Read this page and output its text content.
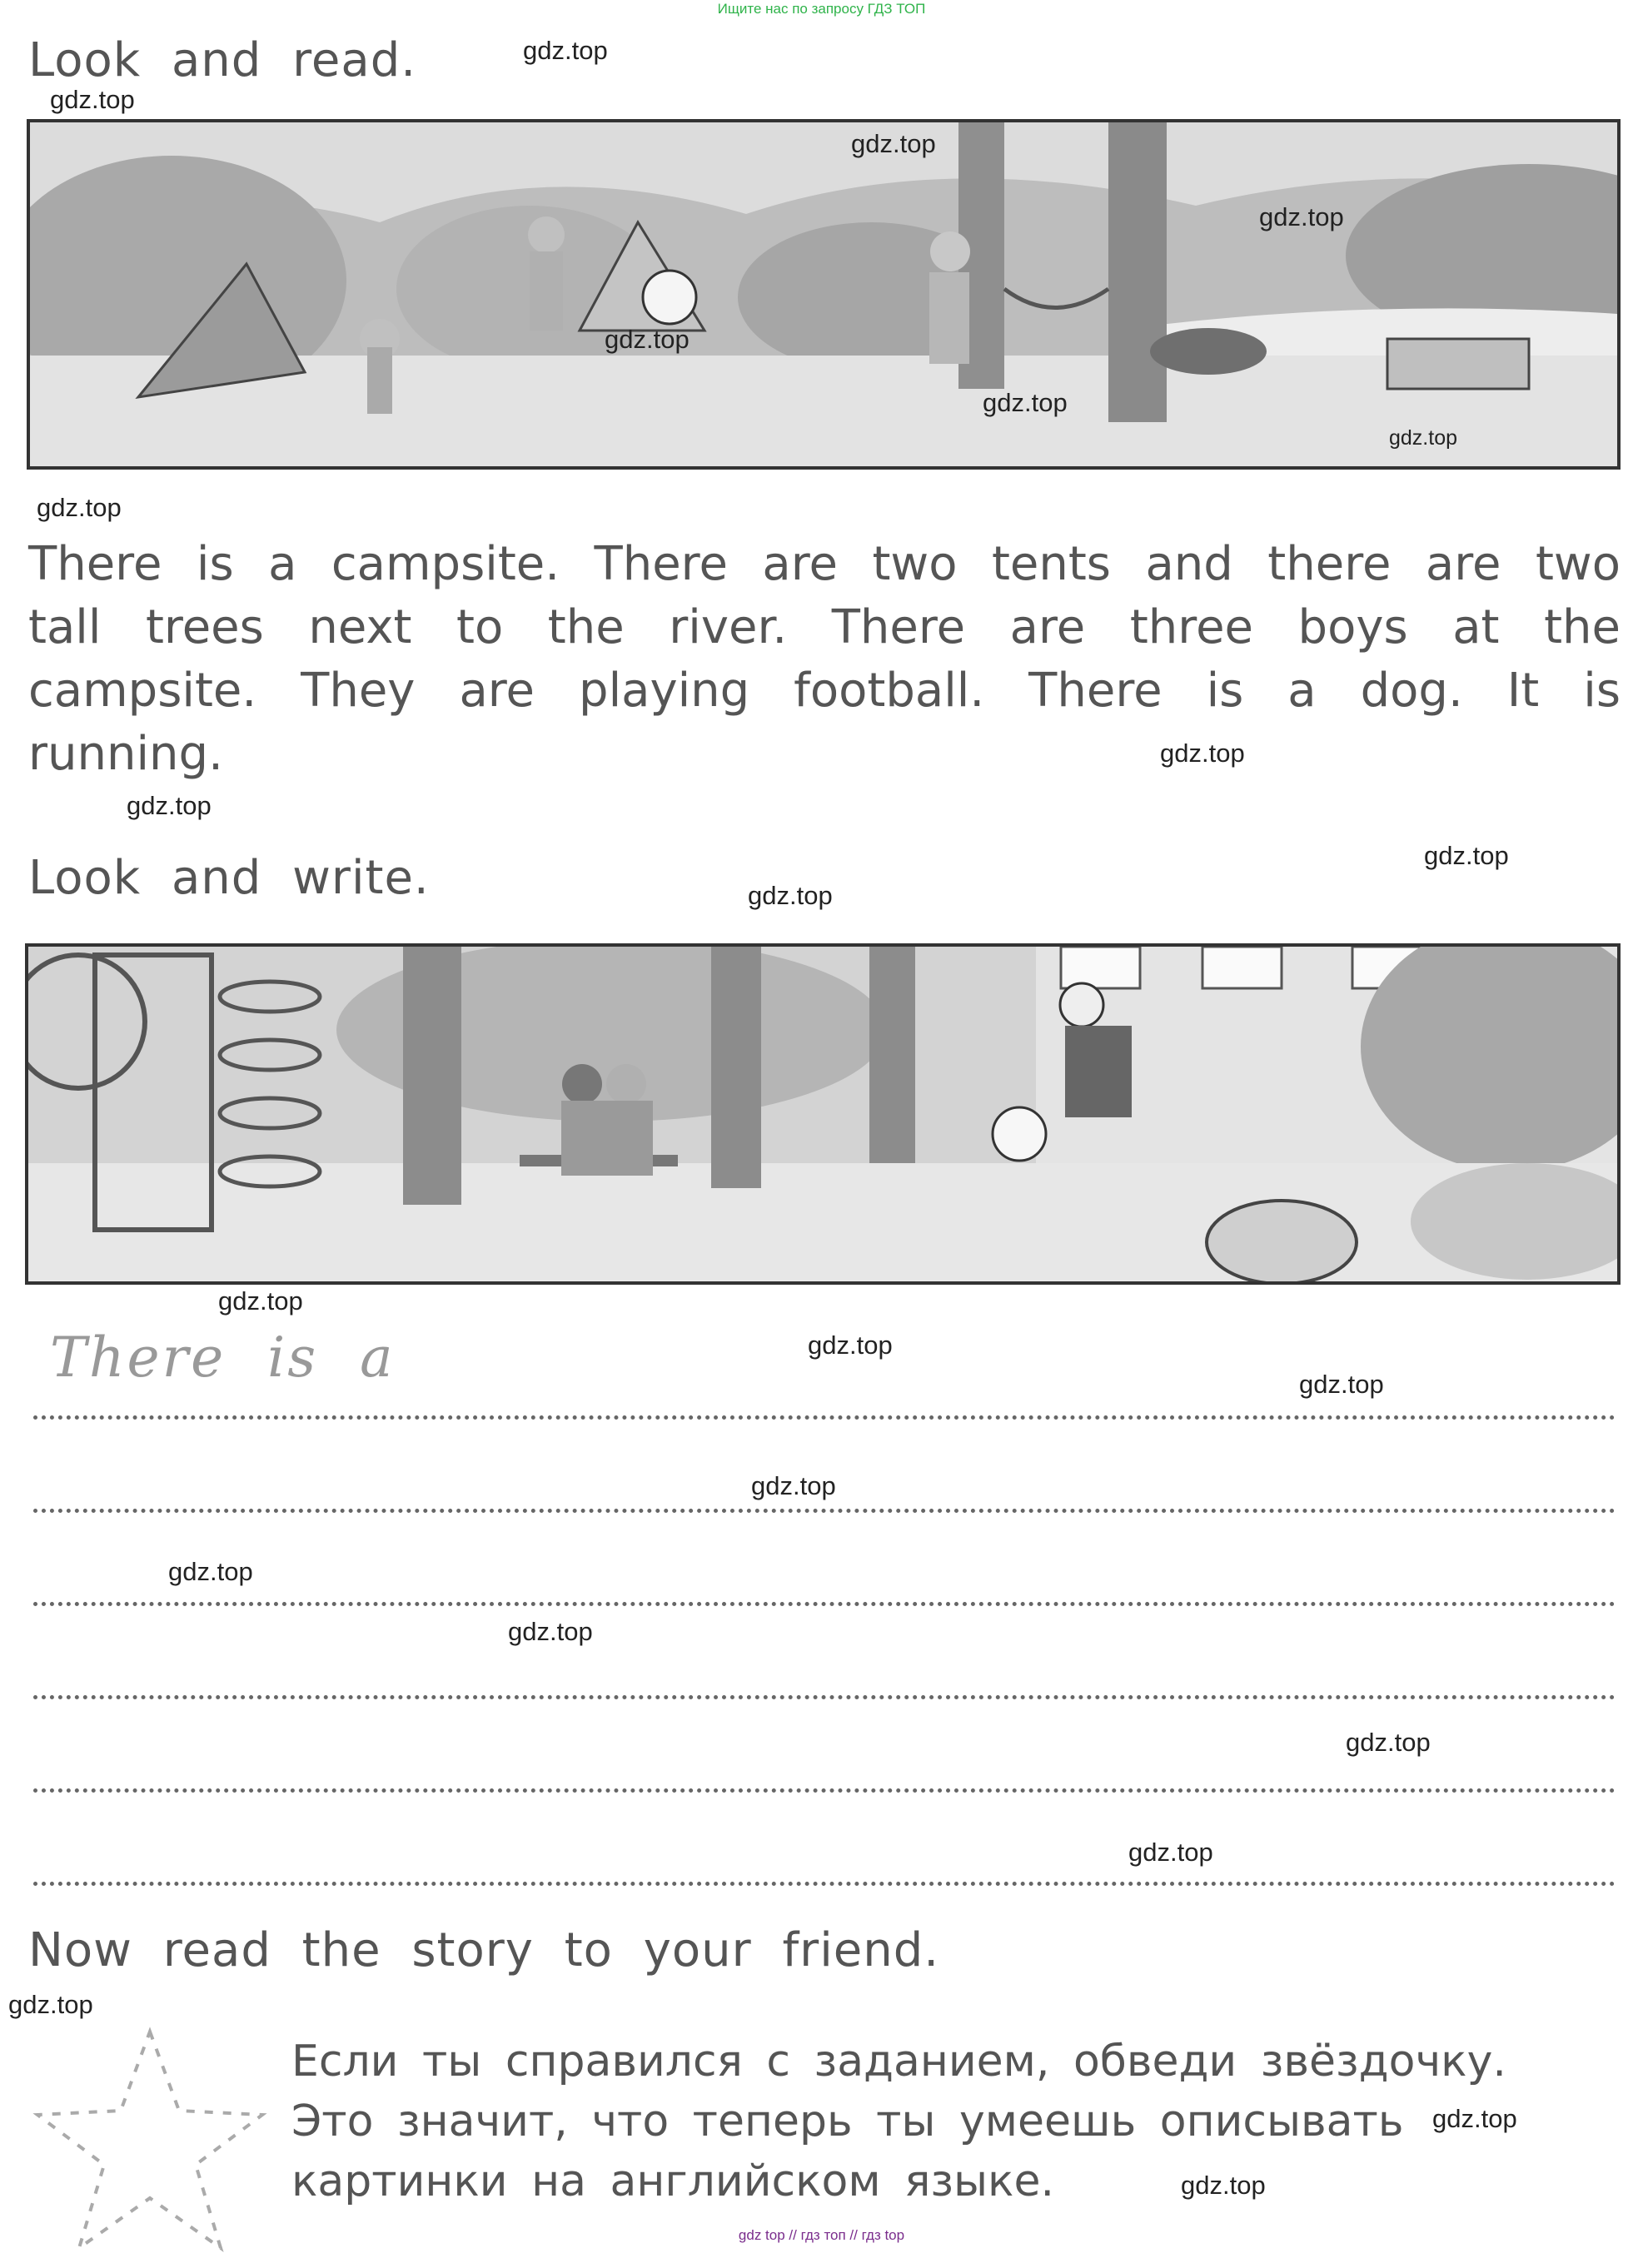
Ищите нас по запросу ГДЗ ТОП
Look and read.
There is a campsite. There are two tents and there are two tall trees next to the river. There are three boys at the campsite. They are playing football. There is a dog. It is running.
Look and write.
There is a
Now read the story to your friend.
Если ты справился с заданием, обведи звёздочку. Это значит, что теперь ты умеешь описывать картинки на английском языке.
gdz.top
gdz.top
gdz.top
gdz.top
gdz.top
gdz.top
gdz.top
gdz.top
gdz.top
gdz.top
gdz.top
gdz.top
gdz.top
gdz.top
gdz.top
gdz.top
gdz.top
gdz.top
gdz.top
gdz.top
gdz.top
gdz.top
gdz.top
gdz top // гдз топ // гдз top
